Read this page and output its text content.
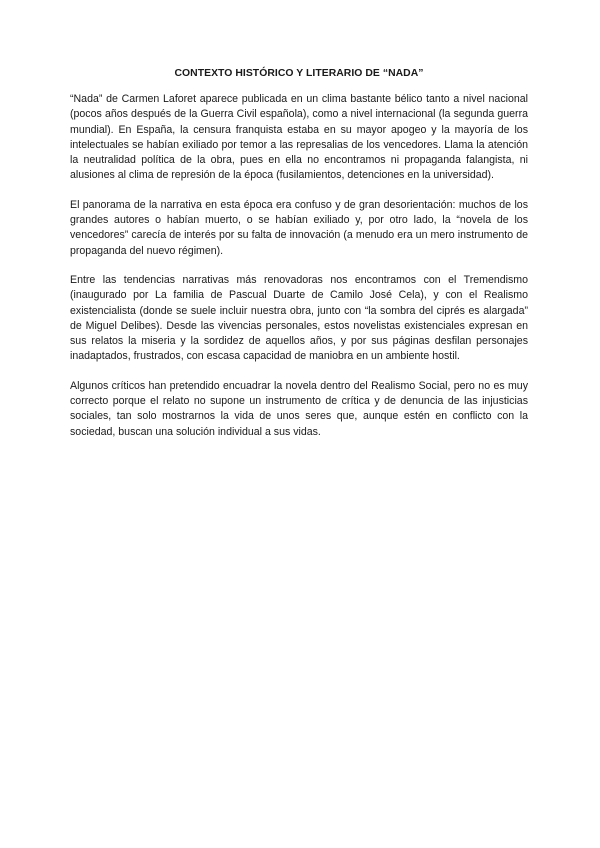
CONTEXTO HISTÓRICO Y LITERARIO DE “NADA”

“Nada” de Carmen Laforet aparece publicada en un clima bastante bélico tanto a nivel nacional (pocos años después de la Guerra Civil española), como a nivel internacional (la segunda guerra mundial). En España, la censura franquista estaba en su mayor apogeo y la mayoría de los intelectuales se habían exiliado por temor a las represalias de los vencedores. Llama la atención la neutralidad política de la obra, pues en ella no encontramos ni propaganda falangista, ni alusiones al clima de represión de la época (fusilamientos, detenciones en la universidad).

El panorama de la narrativa en esta época era confuso y de gran desorientación: muchos de los grandes autores o habían muerto, o se habían exiliado y, por otro lado, la “novela de los vencedores” carecía de interés por su falta de innovación (a menudo era un mero instrumento de propaganda del nuevo régimen).

Entre las tendencias narrativas más renovadoras nos encontramos con el Tremendismo (inaugurado por La familia de Pascual Duarte de Camilo José Cela), y con el Realismo existencialista (donde se suele incluir nuestra obra, junto con “la sombra del ciprés es alargada” de Miguel Delibes). Desde las vivencias personales, estos novelistas existenciales expresan en sus relatos la miseria y la sordidez de aquellos años, y por sus páginas desfilan personajes inadaptados, frustrados, con escasa capacidad de maniobra en un ambiente hostil.

Algunos críticos han pretendido encuadrar la novela dentro del Realismo Social, pero no es muy correcto porque el relato no supone un instrumento de crítica y de denuncia de las injusticias sociales, tan solo mostrarnos la vida de unos seres que, aunque estén en conflicto con la sociedad, buscan una solución individual a sus vidas.
